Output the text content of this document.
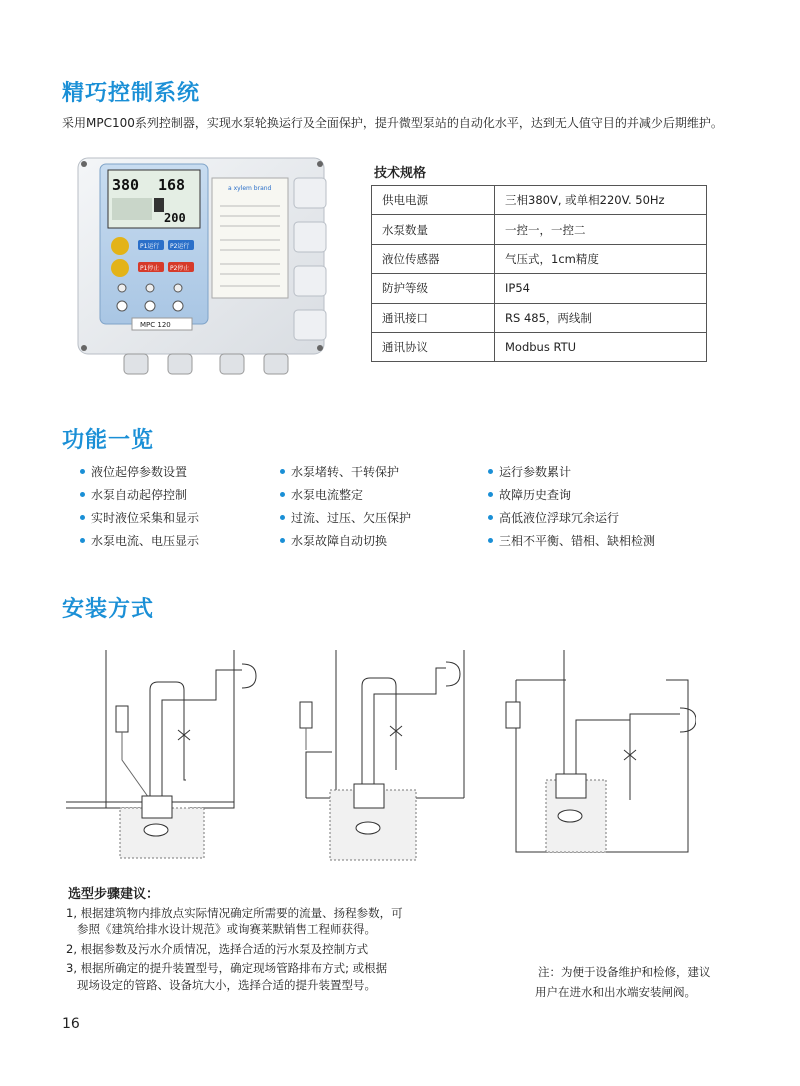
精巧控制系统
采用MPC100系列控制器，实现水泵轮换运行及全面保护，提升微型泵站的自动化水平，达到无人值守目的并减少后期维护。
380 168
200
P1运行 P2运行
P1停止 P2停止
MPC 120
a xylem brand
技术规格
供电电源	三相380V, 或单相220V. 50Hz
水泵数量	一控一，一控二
液位传感器	气压式，1cm精度
防护等级	IP54
通讯接口	RS 485，两线制
通讯协议	Modbus RTU
功能一览
液位起停参数设置	水泵堵转、干转保护	运行参数累计
水泵自动起停控制	水泵电流整定	故障历史查询
实时液位采集和显示	过流、过压、欠压保护	高低液位浮球冗余运行
水泵电流、电压显示	水泵故障自动切换	三相不平衡、错相、缺相检测
安装方式
选型步骤建议：
1, 根据建筑物内排放点实际情况确定所需要的流量、扬程参数，可
参照《建筑给排水设计规范》或询赛莱默销售工程师获得。
2, 根据参数及污水介质情况，选择合适的污水泵及控制方式
3, 根据所确定的提升装置型号，确定现场管路排布方式; 或根据
现场设定的管路、设备坑大小，选择合适的提升装置型号。
注：为便于设备维护和检修，建议
用户在进水和出水端安装闸阀。
16
